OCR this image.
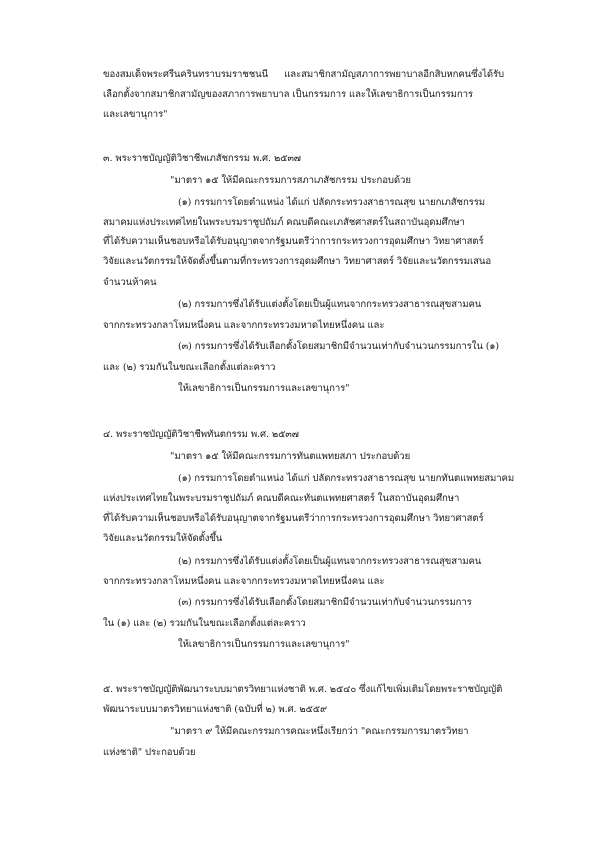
ของสมเด็จพระศรีนครินทราบรมราชชนนี และสมาชิกสามัญสภาการพยาบาลอีกสิบหกคนซึ่งได้รับ
เลือกตั้งจากสมาชิกสามัญของสภาการพยาบาล เป็นกรรมการ และให้เลขาธิการเป็นกรรมการ
และเลขานุการ"
๓. พระราชบัญญัติวิชาชีพเภสัชกรรม พ.ศ. ๒๕๓๗
"มาตรา ๑๕ ให้มีคณะกรรมการสภาเภสัชกรรม ประกอบด้วย
(๑) กรรมการโดยตำแหน่ง ได้แก่ ปลัดกระทรวงสาธารณสุข นายกเภสัชกรรม
สมาคมแห่งประเทศไทยในพระบรมราชูปถัมภ์ คณบดีคณะเภสัชศาสตร์ในสถาบันอุดมศึกษา
ที่ได้รับความเห็นชอบหรือได้รับอนุญาตจากรัฐมนตรีว่าการกระทรวงการอุดมศึกษา วิทยาศาสตร์
วิจัยและนวัตกรรมให้จัดตั้งขึ้นตามที่กระทรวงการอุดมศึกษา วิทยาศาสตร์ วิจัยและนวัตกรรมเสนอ
จำนวนห้าคน
(๒) กรรมการซึ่งได้รับแต่งตั้งโดยเป็นผู้แทนจากกระทรวงสาธารณสุขสามคน
จากกระทรวงกลาโหมหนึ่งคน และจากกระทรวงมหาดไทยหนึ่งคน และ
(๓) กรรมการซึ่งได้รับเลือกตั้งโดยสมาชิกมีจำนวนเท่ากับจำนวนกรรมการใน (๑)
และ (๒) รวมกันในขณะเลือกตั้งแต่ละคราว
ให้เลขาธิการเป็นกรรมการและเลขานุการ"
๔. พระราชบัญญัติวิชาชีพทันตกรรม พ.ศ. ๒๕๓๗
"มาตรา ๑๕ ให้มีคณะกรรมการทันตแพทยสภา ประกอบด้วย
(๑) กรรมการโดยตำแหน่ง ได้แก่ ปลัดกระทรวงสาธารณสุข นายกทันตแพทยสมาคม
แห่งประเทศไทยในพระบรมราชูปถัมภ์ คณบดีคณะทันตแพทยศาสตร์ ในสถาบันอุดมศึกษา
ที่ได้รับความเห็นชอบหรือได้รับอนุญาตจากรัฐมนตรีว่าการกระทรวงการอุดมศึกษา วิทยาศาสตร์
วิจัยและนวัตกรรมให้จัดตั้งขึ้น
(๒) กรรมการซึ่งได้รับแต่งตั้งโดยเป็นผู้แทนจากกระทรวงสาธารณสุขสามคน
จากกระทรวงกลาโหมหนึ่งคน และจากกระทรวงมหาดไทยหนึ่งคน และ
(๓) กรรมการซึ่งได้รับเลือกตั้งโดยสมาชิกมีจำนวนเท่ากับจำนวนกรรมการ
ใน (๑) และ (๒) รวมกันในขณะเลือกตั้งแต่ละคราว
ให้เลขาธิการเป็นกรรมการและเลขานุการ"
๕. พระราชบัญญัติพัฒนาระบบมาตรวิทยาแห่งชาติ พ.ศ. ๒๕๔๐ ซึ่งแก้ไขเพิ่มเติมโดยพระราชบัญญัติ
พัฒนาระบบมาตรวิทยาแห่งชาติ (ฉบับที่ ๒) พ.ศ. ๒๕๕๙
"มาตรา ๙ ให้มีคณะกรรมการคณะหนึ่งเรียกว่า "คณะกรรมการมาตรวิทยา
แห่งชาติ" ประกอบด้วย
